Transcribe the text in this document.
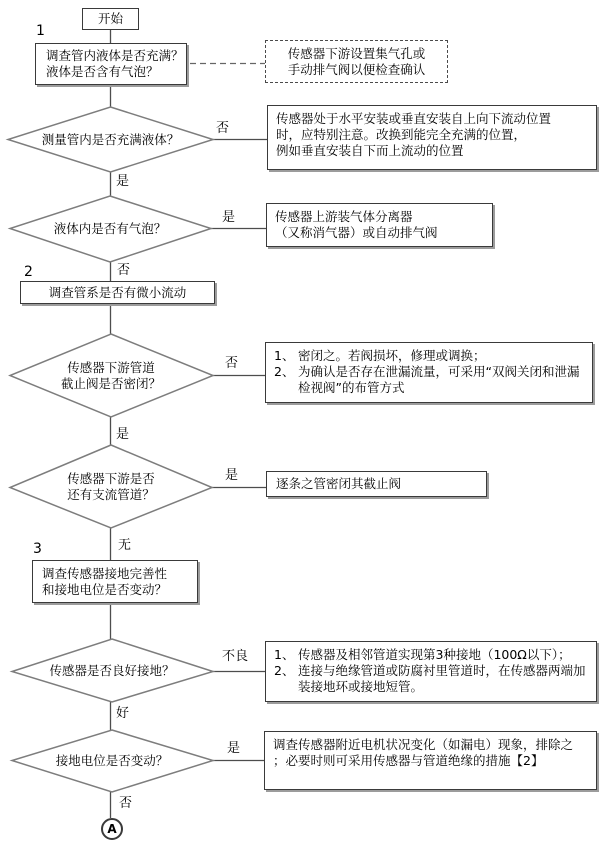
1
2
3
开始
调查管内液体是否充满？
液体是否含有气泡？
传感器下游设置集气孔或
手动排气阀以便检查确认
测量管内是否充满液体？
传感器处于水平安装或垂直安装自上向下流动位置
时，应特别注意。改换到能完全充满的位置，
例如垂直安装自下而上流动的位置
液体内是否有气泡？
传感器上游装气体分离器
（又称消气器）或自动排气阀
调查管系是否有微小流动
传感器下游管道
截止阀是否密闭？
1、 密闭之。若阀损坏，修理或调换；
2、 为确认是否存在泄漏流量，可采用“双阀关闭和泄漏检视阀”的布管方式
传感器下游是否
还有支流管道？
逐条之管密闭其截止阀
调查传感器接地完善性
和接地电位是否变动？
传感器是否良好接地？
1、 传感器及相邻管道实现第3种接地（100Ω以下）；
2、 连接与绝缘管道或防腐衬里管道时，在传感器两端加装接地环或接地短管。
接地电位是否变动？
调查传感器附近电机状况变化（如漏电）现象，排除之
；必要时则可采用传感器与管道绝缘的措施【2】
A
否
是
是
否
否
是
是
无
不良
好
是
否
